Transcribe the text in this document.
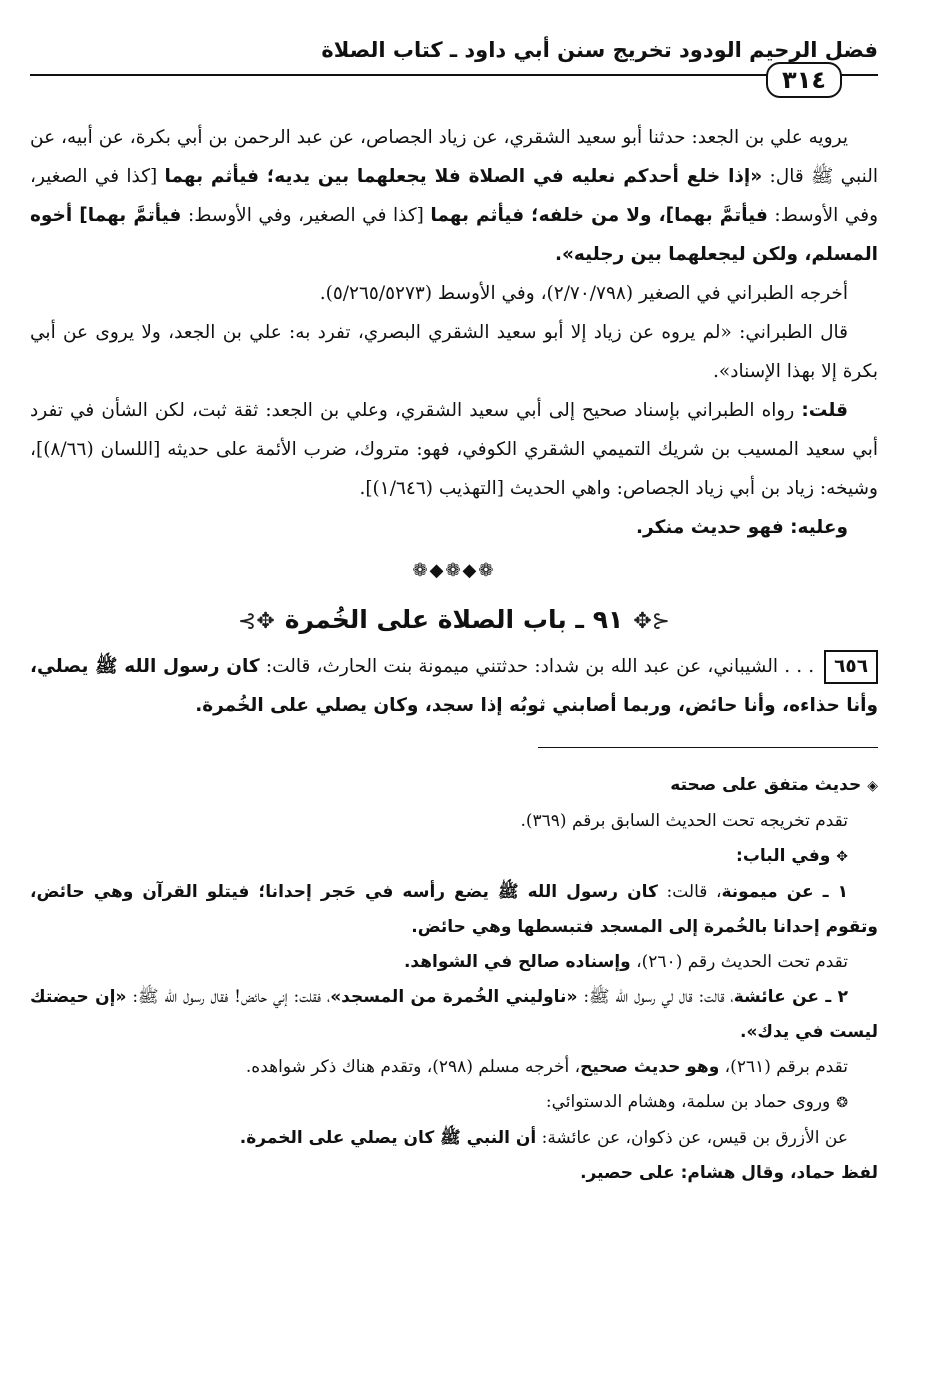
فضل الرحيم الودود تخريج سنن أبي داود ـ كتاب الصلاة
٣١٤

يرويه علي بن الجعد: حدثنا أبو سعيد الشقري، عن زياد الجصاص، عن عبد الرحمن بن أبي بكرة، عن أبيه، عن النبي ﷺ قال: «إذا خلع أحدكم نعليه في الصلاة فلا يجعلهما بين يديه؛ فيأثم بهما [كذا في الصغير، وفي الأوسط: فيأتمَّ بهما]، ولا من خلفه؛ فيأثم بهما [كذا في الصغير، وفي الأوسط: فيأتمَّ بهما] أخوه المسلم، ولكن ليجعلهما بين رجليه».

أخرجه الطبراني في الصغير (٢/٧٠/٧٩٨)، وفي الأوسط (٥/٢٦٥/٥٢٧٣).

قال الطبراني: «لم يروه عن زياد إلا أبو سعيد الشقري البصري، تفرد به: علي بن الجعد، ولا يروى عن أبي بكرة إلا بهذا الإسناد».

قلت: رواه الطبراني بإسناد صحيح إلى أبي سعيد الشقري، وعلي بن الجعد: ثقة ثبت، لكن الشأن في تفرد أبي سعيد المسيب بن شريك التميمي الشقري الكوفي، فهو: متروك، ضرب الأئمة على حديثه [اللسان (٨/٦٦)]، وشيخه: زياد بن أبي زياد الجصاص: واهي الحديث [التهذيب (١/٦٤٦)].

وعليه: فهو حديث منكر.

❁◆❁◆❁
⊰✥٩١ ـ باب الصلاة على الخُمرة✥⊱

٦٥٦. . . الشيباني، عن عبد الله بن شداد: حدثتني ميمونة بنت الحارث، قالت: كان رسول الله ﷺ يصلي، وأنا حذاءه، وأنا حائض، وربما أصابني ثوبُه إذا سجد، وكان يصلي على الخُمرة.

◈حديث متفق على صحته

تقدم تخريجه تحت الحديث السابق برقم (٣٦٩).

✥وفي الباب:

١ ـ عن ميمونة، قالت: كان رسول الله ﷺ يضع رأسه في حَجر إحدانا؛ فيتلو القرآن وهي حائض، وتقوم إحدانا بالخُمرة إلى المسجد فتبسطها وهي حائض.

تقدم تحت الحديث رقم (٢٦٠)، وإسناده صالح في الشواهد.

٢ ـ عن عائشة، قالت: قال لي رسول الله ﷺ: «ناوليني الخُمرة من المسجد»، فقلت: إني حائض! فقال رسول الله ﷺ: «إن حيضتك ليست في يدك».

تقدم برقم (٢٦١)، وهو حديث صحيح، أخرجه مسلم (٢٩٨)، وتقدم هناك ذكر شواهده.

❂وروى حماد بن سلمة، وهشام الدستوائي:

عن الأزرق بن قيس، عن ذكوان، عن عائشة: أن النبي ﷺ كان يصلي على الخمرة.

لفظ حماد، وقال هشام: على حصير.
